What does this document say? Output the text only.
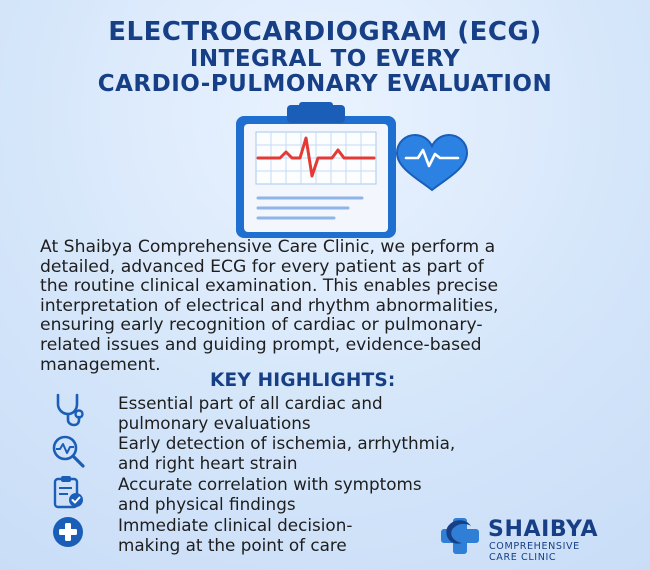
ELECTROCARDIOGRAM (ECG)
INTEGRAL TO EVERY
CARDIO-PULMONARY EVALUATION
At Shaibya Comprehensive Care Clinic, we perform a
detailed, advanced ECG for every patient as part of
the routine clinical examination. This enables precise
interpretation of electrical and rhythm abnormalities,
ensuring early recognition of cardiac or pulmonary-
related issues and guiding prompt, evidence-based
management.
KEY HIGHLIGHTS:
Essential part of all cardiac and
pulmonary evaluations
Early detection of ischemia, arrhythmia,
and right heart strain
Accurate correlation with symptoms
and physical findings
Immediate clinical decision-
making at the point of care
SHAIBYA
COMPREHENSIVE
CARE CLINIC
